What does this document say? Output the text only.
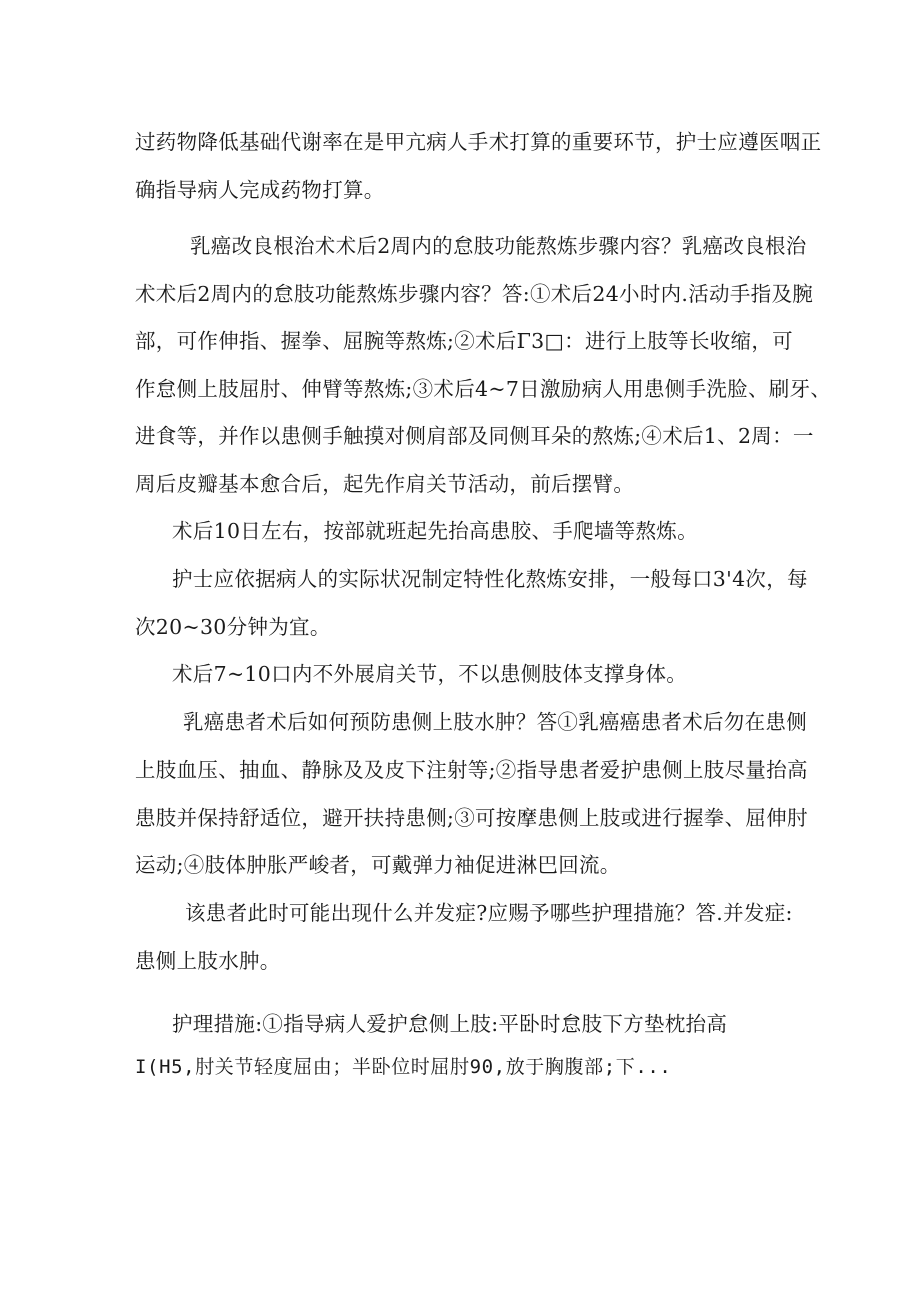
过药物降低基础代谢率在是甲亢病人手术打算的重要环节，护士应遵医咽正
确指导病人完成药物打算。
乳癌改良根治术术后2周内的怠肢功能熬炼步骤内容？乳癌改良根治
术术后2周内的怠肢功能熬炼步骤内容？答:①术后24小时内.活动手指及腕
部，可作伸指、握拳、屈腕等熬炼;②术后Γ3□：进行上肢等长收缩，可
作怠侧上肢屈肘、伸臂等熬炼;③术后4~7日激励病人用患侧手洗脸、刷牙、
进食等，并作以患侧手触摸对侧肩部及同侧耳朵的熬炼;④术后1、2周：一
周后皮瓣基本愈合后，起先作肩关节活动，前后摆臂。
术后10日左右，按部就班起先抬高患胶、手爬墙等熬炼。
护士应依据病人的实际状况制定特性化熬炼安排，一般每口3'4次，每
次20~30分钟为宜。
术后7~10口内不外展肩关节，不以患侧肢体支撑身体。
乳癌患者术后如何预防患侧上肢水肿？答①乳癌癌患者术后勿在患侧
上肢血压、抽血、静脉及及皮下注射等;②指导患者爱护患侧上肢尽量抬高
患肢并保持舒适位，避开扶持患侧;③可按摩患侧上肢或进行握拳、屈伸肘
运动;④肢体肿胀严峻者，可戴弹力袖促进淋巴回流。
该患者此时可能出现什么并发症?应赐予哪些护理措施？答.并发症:
患侧上肢水肿。
护理措施:①指导病人爱护怠侧上肢:平卧时怠肢下方垫枕抬高
I(H5,肘关节轻度屈由；半卧位时屈肘90,放于胸腹部;下...
